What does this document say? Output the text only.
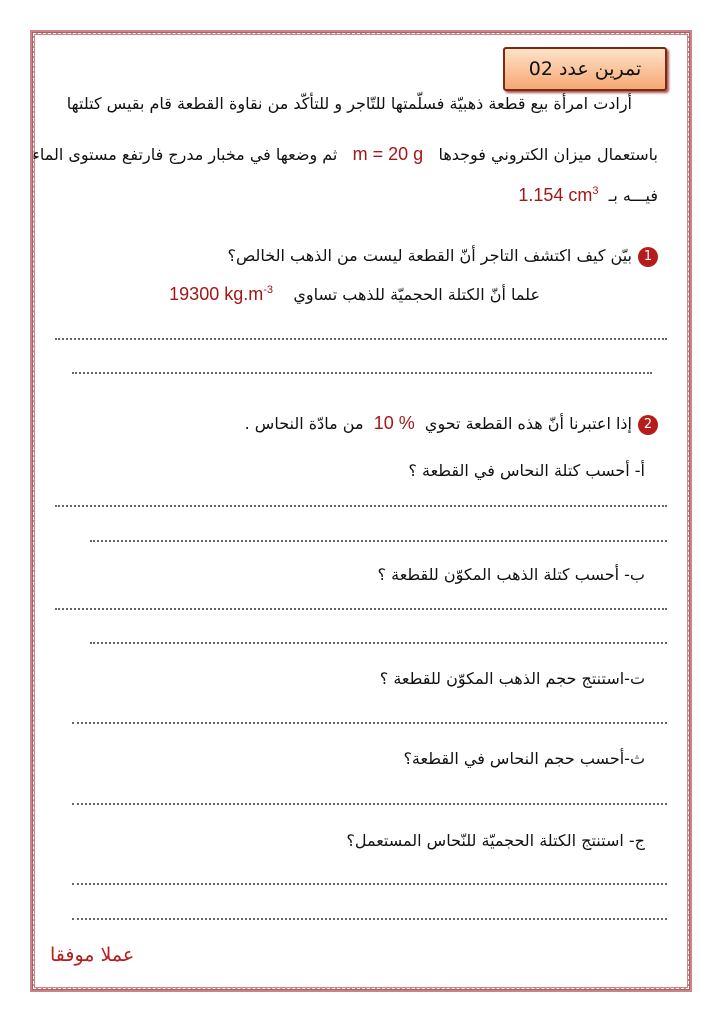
تمرين عدد 02
أرادت امرأة بيع قطعة ذهبيّة فسلّمتها للتّاجر و للتأكّد من نقاوة القطعة قام بقيس كتلتها
باستعمال ميزان الكتروني فوجدها   m = 20 g   ثم وضعها في مخبار مدرج فارتفع مستوى الماء
فيـــه بـ  1.154 $cm^3$
1بيّن كيف اكتشف التاجر أنّ القطعة ليست من الذهب الخالص؟
علما أنّ الكتلة الحجميّة للذهب تساوي    19300 $kg.m^{-3}$
2إذا اعتبرنا أنّ هذه القطعة تحوي  10 %  من مادّة النحاس .
أ- أحسب كتلة النحاس في القطعة ؟
ب- أحسب كتلة الذهب المكوّن للقطعة ؟
ت-استنتج حجم الذهب المكوّن للقطعة ؟
ث-أحسب حجم النحاس في القطعة؟
ج- استنتج الكتلة الحجميّة للنّحاس المستعمل؟
عملا موفقا
